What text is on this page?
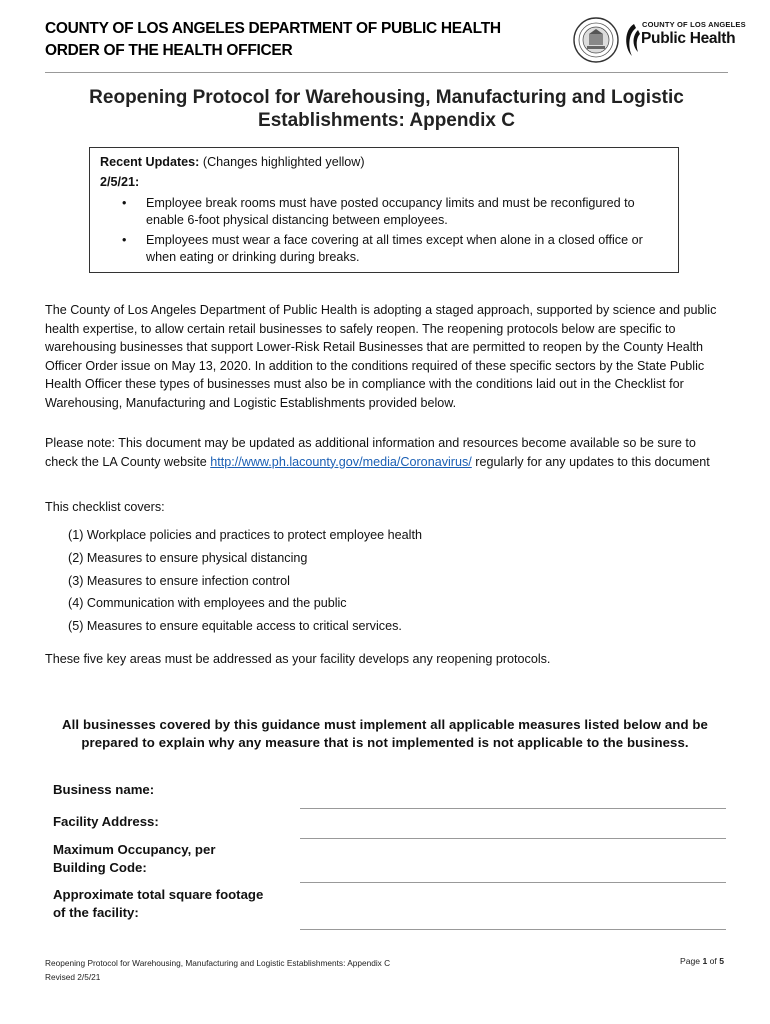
COUNTY OF LOS ANGELES DEPARTMENT OF PUBLIC HEALTH
ORDER OF THE HEALTH OFFICER
COUNTY OF LOS ANGELES
Public Health
Reopening Protocol for Warehousing, Manufacturing and Logistic
Establishments: Appendix C
Recent Updates: (Changes highlighted yellow)
2/5/21:
• Employee break rooms must have posted occupancy limits and must be reconfigured to enable 6-foot physical distancing between employees.
• Employees must wear a face covering at all times except when alone in a closed office or when eating or drinking during breaks.
The County of Los Angeles Department of Public Health is adopting a staged approach, supported by science and public health expertise, to allow certain retail businesses to safely reopen. The reopening protocols below are specific to warehousing businesses that support Lower-Risk Retail Businesses that are permitted to reopen by the County Health Officer Order issue on May 13, 2020. In addition to the conditions required of these specific sectors by the State Public Health Officer these types of businesses must also be in compliance with the conditions laid out in the Checklist for Warehousing, Manufacturing and Logistic Establishments provided below.
Please note: This document may be updated as additional information and resources become available so be sure to check the LA County website http://www.ph.lacounty.gov/media/Coronavirus/ regularly for any updates to this document
This checklist covers:
(1) Workplace policies and practices to protect employee health
(2) Measures to ensure physical distancing
(3) Measures to ensure infection control
(4) Communication with employees and the public
(5) Measures to ensure equitable access to critical services.
These five key areas must be addressed as your facility develops any reopening protocols.
All businesses covered by this guidance must implement all applicable measures listed below and be prepared to explain why any measure that is not implemented is not applicable to the business.
Business name:
Facility Address:
Maximum Occupancy, per
Building Code:
Approximate total square footage
of the facility:
Reopening Protocol for Warehousing, Manufacturing and Logistic Establishments: Appendix C
Revised 2/5/21
Page 1 of 5
